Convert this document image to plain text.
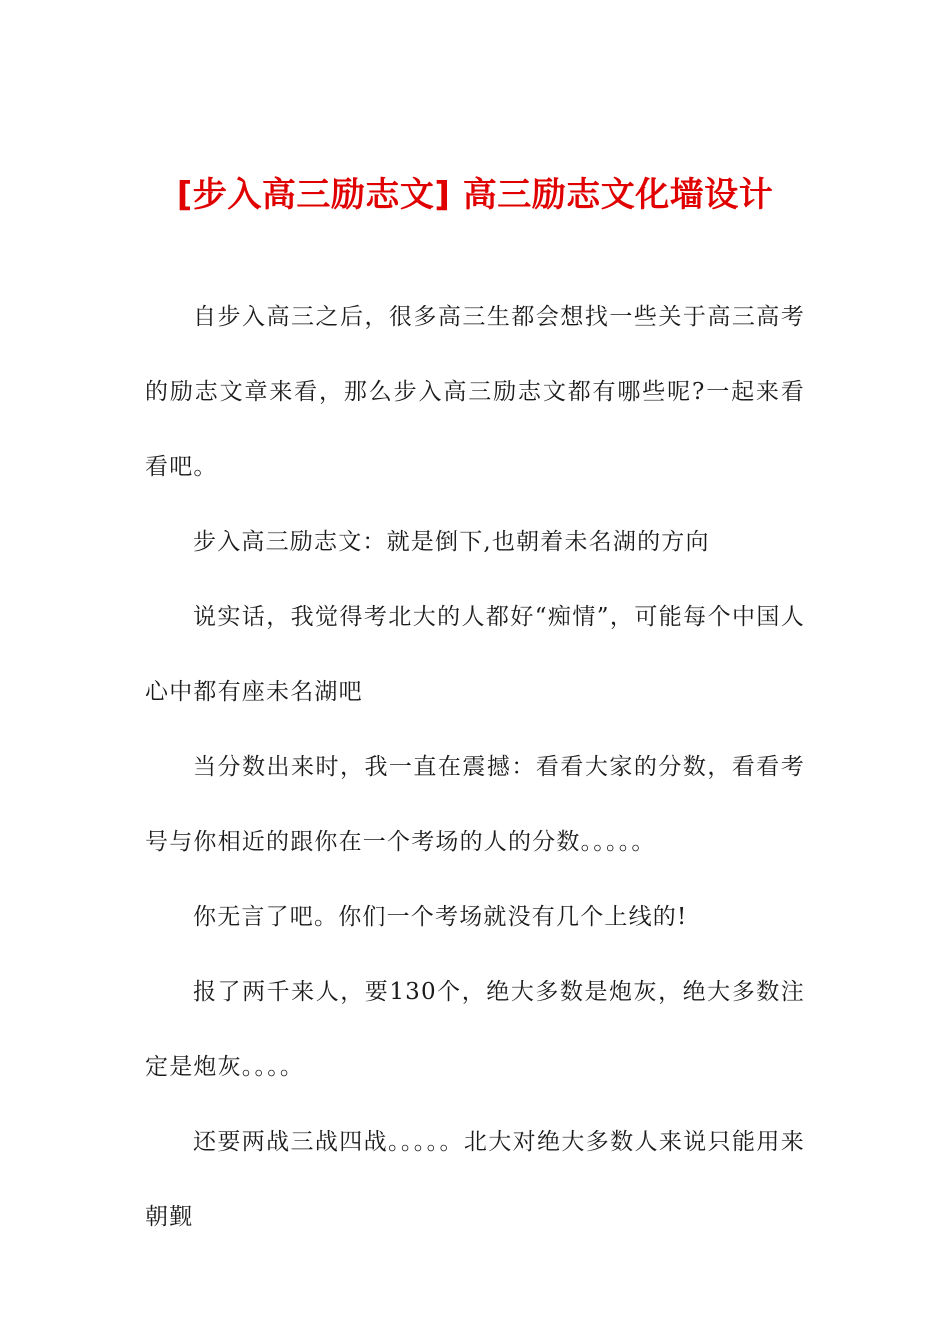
[步入高三励志文] 高三励志文化墙设计

自步入高三之后，很多高三生都会想找一些关于高三高考的励志文章来看，那么步入高三励志文都有哪些呢?一起来看看吧。

步入高三励志文：就是倒下,也朝着未名湖的方向

说实话，我觉得考北大的人都好“痴情”，可能每个中国人心中都有座未名湖吧

当分数出来时，我一直在震撼：看看大家的分数，看看考号与你相近的跟你在一个考场的人的分数。。。。。

你无言了吧。你们一个考场就没有几个上线的!

报了两千来人，要130个，绝大多数是炮灰，绝大多数注定是炮灰。。。。

还要两战三战四战。。。。。北大对绝大多数人来说只能用来朝觐
